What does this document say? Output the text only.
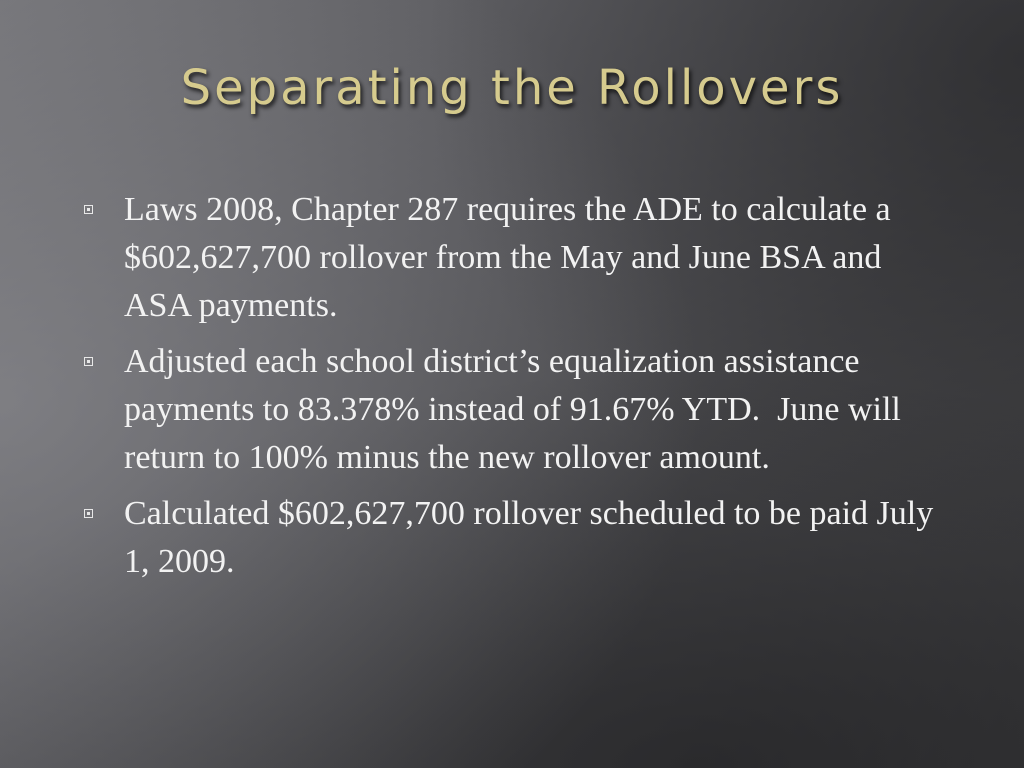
Separating the Rollovers
Laws 2008, Chapter 287 requires the ADE to calculate a $602,627,700 rollover from the May and June BSA and ASA payments.
Adjusted each school district’s equalization assistance payments to 83.378% instead of 91.67% YTD.  June will return to 100% minus the new rollover amount.
Calculated $602,627,700 rollover scheduled to be paid July 1, 2009.
